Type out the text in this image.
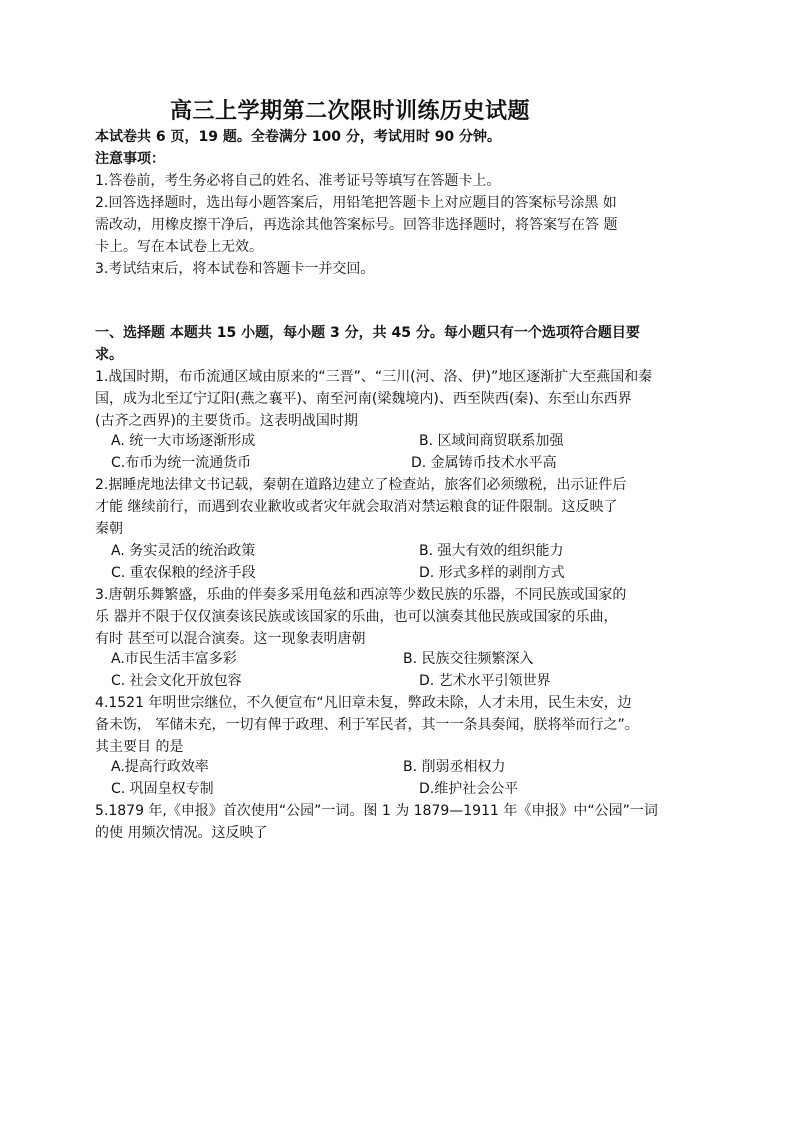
高三上学期第二次限时训练历史试题
本试卷共 6 页，19 题。全卷满分 100 分，考试用时 90 分钟。
注意事项：
1.答卷前，考生务必将自己的姓名、准考证号等填写在答题卡上。
2.回答选择题时，选出每小题答案后，用铅笔把答题卡上对应题目的答案标号涂黑 如
需改动，用橡皮擦干净后，再选涂其他答案标号。回答非选择题时，将答案写在答 题
卡上。写在本试卷上无效。
3.考试结束后，将本试卷和答题卡一并交回。
一、选择题 本题共 15 小题，每小题 3 分，共 45 分。每小题只有一个选项符合题目要
求。
1.战国时期，布币流通区域由原来的“三晋”、“三川(河、洛、伊)”地区逐渐扩大至燕国和秦
国，成为北至辽宁辽阳(燕之襄平)、南至河南(梁魏境内)、西至陕西(秦)、东至山东西界
(古齐之西界)的主要货币。这表明战国时期
A. 统一大市场逐渐形成	B. 区域间商贸联系加强
C.布币为统一流通货币	D. 金属铸币技术水平高
2.据睡虎地法律文书记载，秦朝在道路边建立了检查站，旅客们必须缴税，出示证件后
才能 继续前行，而遇到农业歉收或者灾年就会取消对禁运粮食的证件限制。这反映了
秦朝
A. 务实灵活的统治政策	B. 强大有效的组织能力
C. 重农保粮的经济手段	D. 形式多样的剥削方式
3.唐朝乐舞繁盛，乐曲的伴奏多采用龟兹和西凉等少数民族的乐器，不同民族或国家的
乐 器并不限于仅仅演奏该民族或该国家的乐曲，也可以演奏其他民族或国家的乐曲，
有时 甚至可以混合演奏。这一现象表明唐朝
A.市民生活丰富多彩	B. 民族交往频繁深入
C. 社会文化开放包容	D. 艺术水平引领世界
4.1521 年明世宗继位，不久便宣布“凡旧章未复，弊政未除，人才未用，民生未安，边
备未饬， 军储未充，一切有俾于政理、利于军民者，其一一条具奏闻，朕将举而行之”。
其主要目 的是
A.提高行政效率	B. 削弱丞相权力
C. 巩固皇权专制	D.维护社会公平
5.1879 年,《申报》首次使用“公园”一词。图 1 为 1879—1911 年《申报》中“公园”一词
的使 用频次情况。这反映了
